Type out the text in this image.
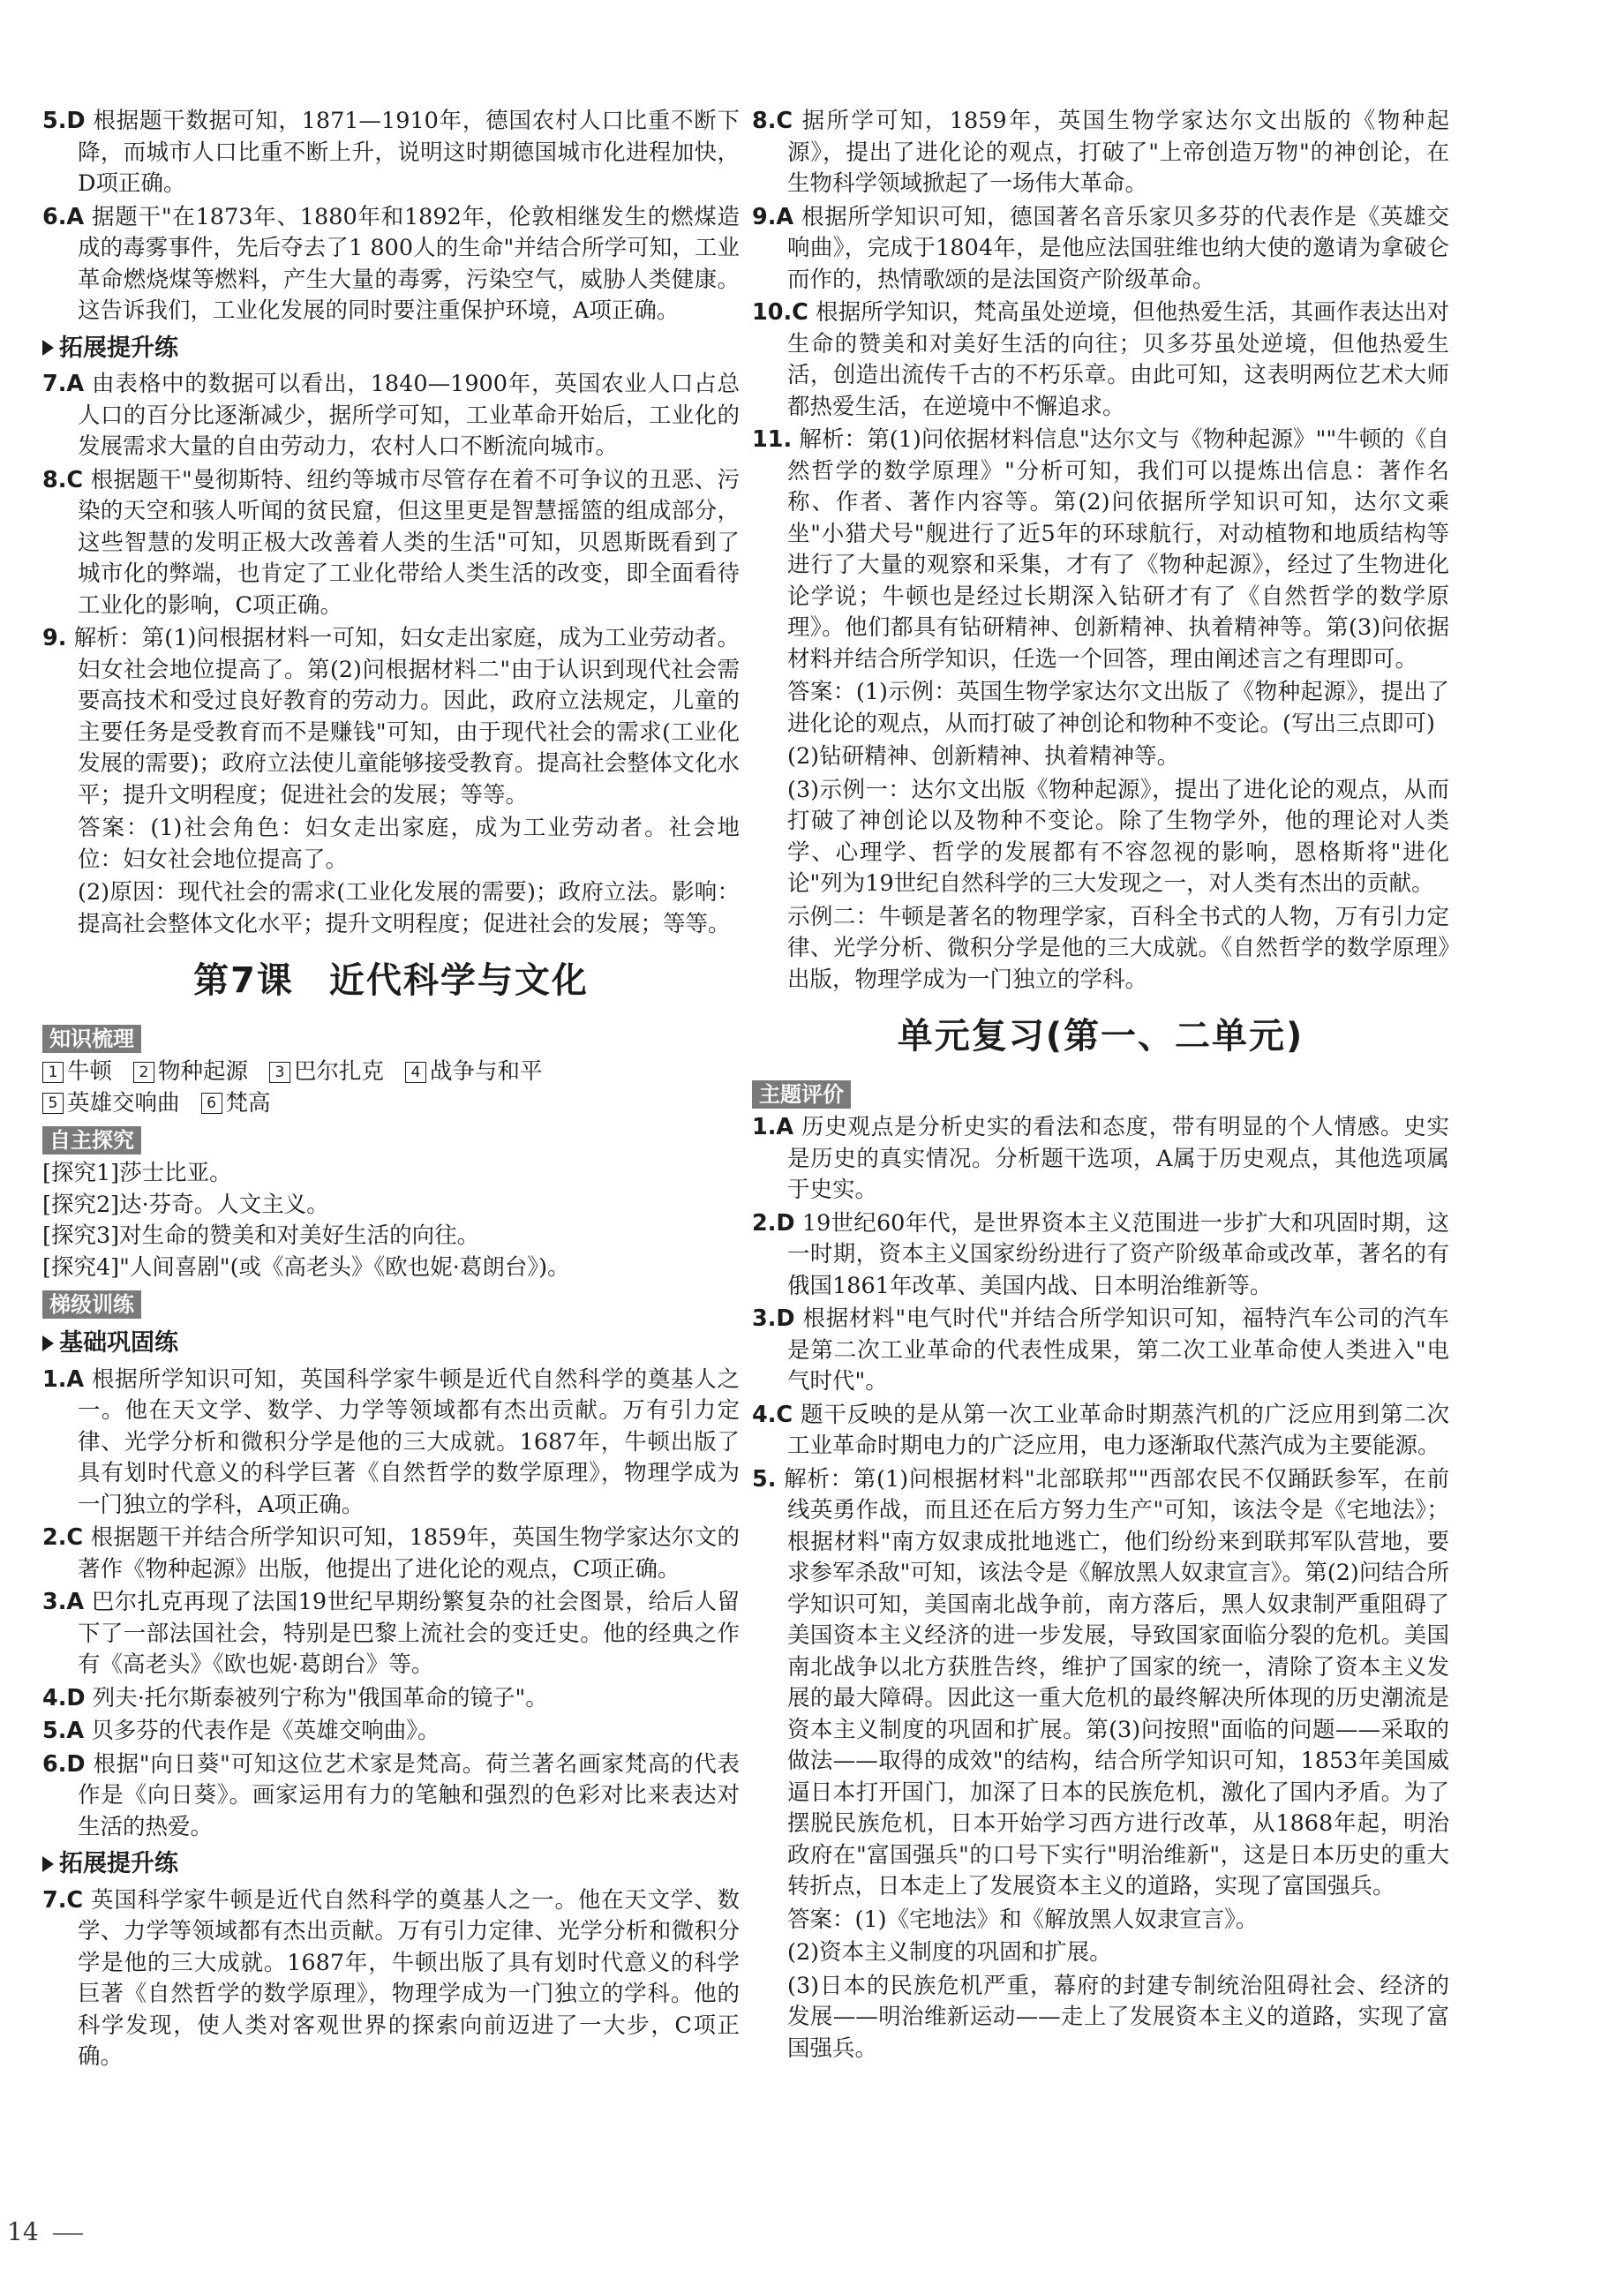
5.D 根据题干数据可知，1871—1910年，德国农村人口比重不断下降，而城市人口比重不断上升，说明这时期德国城市化进程加快，D项正确。
6.A 据题干"在1873年、1880年和1892年，伦敦相继发生的燃煤造成的毒雾事件，先后夺去了1 800人的生命"并结合所学可知，工业革命燃烧煤等燃料，产生大量的毒雾，污染空气，威胁人类健康。这告诉我们，工业化发展的同时要注重保护环境，A项正确。
拓展提升练
7.A 由表格中的数据可以看出，1840—1900年，英国农业人口占总人口的百分比逐渐减少，据所学可知，工业革命开始后，工业化的发展需求大量的自由劳动力，农村人口不断流向城市。
8.C 根据题干"曼彻斯特、纽约等城市尽管存在着不可争议的丑恶、污染的天空和骇人听闻的贫民窟，但这里更是智慧摇篮的组成部分，这些智慧的发明正极大改善着人类的生活"可知，贝恩斯既看到了城市化的弊端，也肯定了工业化带给人类生活的改变，即全面看待工业化的影响，C项正确。
9. 解析：第(1)问根据材料一可知，妇女走出家庭，成为工业劳动者。妇女社会地位提高了。第(2)问根据材料二"由于认识到现代社会需要高技术和受过良好教育的劳动力。因此，政府立法规定，儿童的主要任务是受教育而不是赚钱"可知，由于现代社会的需求(工业化发展的需要)；政府立法使儿童能够接受教育。提高社会整体文化水平；提升文明程度；促进社会的发展；等等。
答案：(1)社会角色：妇女走出家庭，成为工业劳动者。社会地位：妇女社会地位提高了。
(2)原因：现代社会的需求(工业化发展的需要)；政府立法。影响：提高社会整体文化水平；提升文明程度；促进社会的发展；等等。
第7课 近代科学与文化
知识梳理
1 牛顿	2 物种起源	3 巴尔扎克	4 战争与和平
5 英雄交响曲	6 梵高
自主探究
[探究1]莎士比亚。
[探究2]达·芬奇。人文主义。
[探究3]对生命的赞美和对美好生活的向往。
[探究4]"人间喜剧"(或《高老头》《欧也妮·葛朗台》)。
梯级训练
基础巩固练
1.A 根据所学知识可知，英国科学家牛顿是近代自然科学的奠基人之一。他在天文学、数学、力学等领域都有杰出贡献。万有引力定律、光学分析和微积分学是他的三大成就。1687年，牛顿出版了具有划时代意义的科学巨著《自然哲学的数学原理》，物理学成为一门独立的学科，A项正确。
2.C 根据题干并结合所学知识可知，1859年，英国生物学家达尔文的著作《物种起源》出版，他提出了进化论的观点，C项正确。
3.A 巴尔扎克再现了法国19世纪早期纷繁复杂的社会图景，给后人留下了一部法国社会，特别是巴黎上流社会的变迁史。他的经典之作有《高老头》《欧也妮·葛朗台》等。
4.D 列夫·托尔斯泰被列宁称为"俄国革命的镜子"。
5.A 贝多芬的代表作是《英雄交响曲》。
6.D 根据"向日葵"可知这位艺术家是梵高。荷兰著名画家梵高的代表作是《向日葵》。画家运用有力的笔触和强烈的色彩对比来表达对生活的热爱。
拓展提升练
7.C 英国科学家牛顿是近代自然科学的奠基人之一。他在天文学、数学、力学等领域都有杰出贡献。万有引力定律、光学分析和微积分学是他的三大成就。1687年，牛顿出版了具有划时代意义的科学巨著《自然哲学的数学原理》，物理学成为一门独立的学科。他的科学发现，使人类对客观世界的探索向前迈进了一大步，C项正确。
8.C 据所学可知，1859年，英国生物学家达尔文出版的《物种起源》，提出了进化论的观点，打破了"上帝创造万物"的神创论，在生物科学领域掀起了一场伟大革命。
9.A 根据所学知识可知，德国著名音乐家贝多芬的代表作是《英雄交响曲》，完成于1804年，是他应法国驻维也纳大使的邀请为拿破仑而作的，热情歌颂的是法国资产阶级革命。
10.C 根据所学知识，梵高虽处逆境，但他热爱生活，其画作表达出对生命的赞美和对美好生活的向往；贝多芬虽处逆境，但他热爱生活，创造出流传千古的不朽乐章。由此可知，这表明两位艺术大师都热爱生活，在逆境中不懈追求。
11. 解析：第(1)问依据材料信息"达尔文与《物种起源》""牛顿的《自然哲学的数学原理》"分析可知，我们可以提炼出信息：著作名称、作者、著作内容等。第(2)问依据所学知识可知，达尔文乘坐"小猎犬号"舰进行了近5年的环球航行，对动植物和地质结构等进行了大量的观察和采集，才有了《物种起源》，经过了生物进化论学说；牛顿也是经过长期深入钻研才有了《自然哲学的数学原理》。他们都具有钻研精神、创新精神、执着精神等。第(3)问依据材料并结合所学知识，任选一个回答，理由阐述言之有理即可。
答案：(1)示例：英国生物学家达尔文出版了《物种起源》，提出了进化论的观点，从而打破了神创论和物种不变论。(写出三点即可)
(2)钻研精神、创新精神、执着精神等。
(3)示例一：达尔文出版《物种起源》，提出了进化论的观点，从而打破了神创论以及物种不变论。除了生物学外，他的理论对人类学、心理学、哲学的发展都有不容忽视的影响，恩格斯将"进化论"列为19世纪自然科学的三大发现之一，对人类有杰出的贡献。
示例二：牛顿是著名的物理学家，百科全书式的人物，万有引力定律、光学分析、微积分学是他的三大成就。《自然哲学的数学原理》出版，物理学成为一门独立的学科。
单元复习(第一、二单元)
主题评价
1.A 历史观点是分析史实的看法和态度，带有明显的个人情感。史实是历史的真实情况。分析题干选项，A属于历史观点，其他选项属于史实。
2.D 19世纪60年代，是世界资本主义范围进一步扩大和巩固时期，这一时期，资本主义国家纷纷进行了资产阶级革命或改革，著名的有俄国1861年改革、美国内战、日本明治维新等。
3.D 根据材料"电气时代"并结合所学知识可知，福特汽车公司的汽车是第二次工业革命的代表性成果，第二次工业革命使人类进入"电气时代"。
4.C 题干反映的是从第一次工业革命时期蒸汽机的广泛应用到第二次工业革命时期电力的广泛应用，电力逐渐取代蒸汽成为主要能源。
5. 解析：第(1)问根据材料"北部联邦""西部农民不仅踊跃参军，在前线英勇作战，而且还在后方努力生产"可知，该法令是《宅地法》；根据材料"南方奴隶成批地逃亡，他们纷纷来到联邦军队营地，要求参军杀敌"可知，该法令是《解放黑人奴隶宣言》。第(2)问结合所学知识可知，美国南北战争前，南方落后，黑人奴隶制严重阻碍了美国资本主义经济的进一步发展，导致国家面临分裂的危机。美国南北战争以北方获胜告终，维护了国家的统一，清除了资本主义发展的最大障碍。因此这一重大危机的最终解决所体现的历史潮流是资本主义制度的巩固和扩展。第(3)问按照"面临的问题——采取的做法——取得的成效"的结构，结合所学知识可知，1853年美国威逼日本打开国门，加深了日本的民族危机，激化了国内矛盾。为了摆脱民族危机，日本开始学习西方进行改革，从1868年起，明治政府在"富国强兵"的口号下实行"明治维新"，这是日本历史的重大转折点，日本走上了发展资本主义的道路，实现了富国强兵。
答案：(1)《宅地法》和《解放黑人奴隶宣言》。
(2)资本主义制度的巩固和扩展。
(3)日本的民族危机严重，幕府的封建专制统治阻碍社会、经济的发展——明治维新运动——走上了发展资本主义的道路，实现了富国强兵。
14
